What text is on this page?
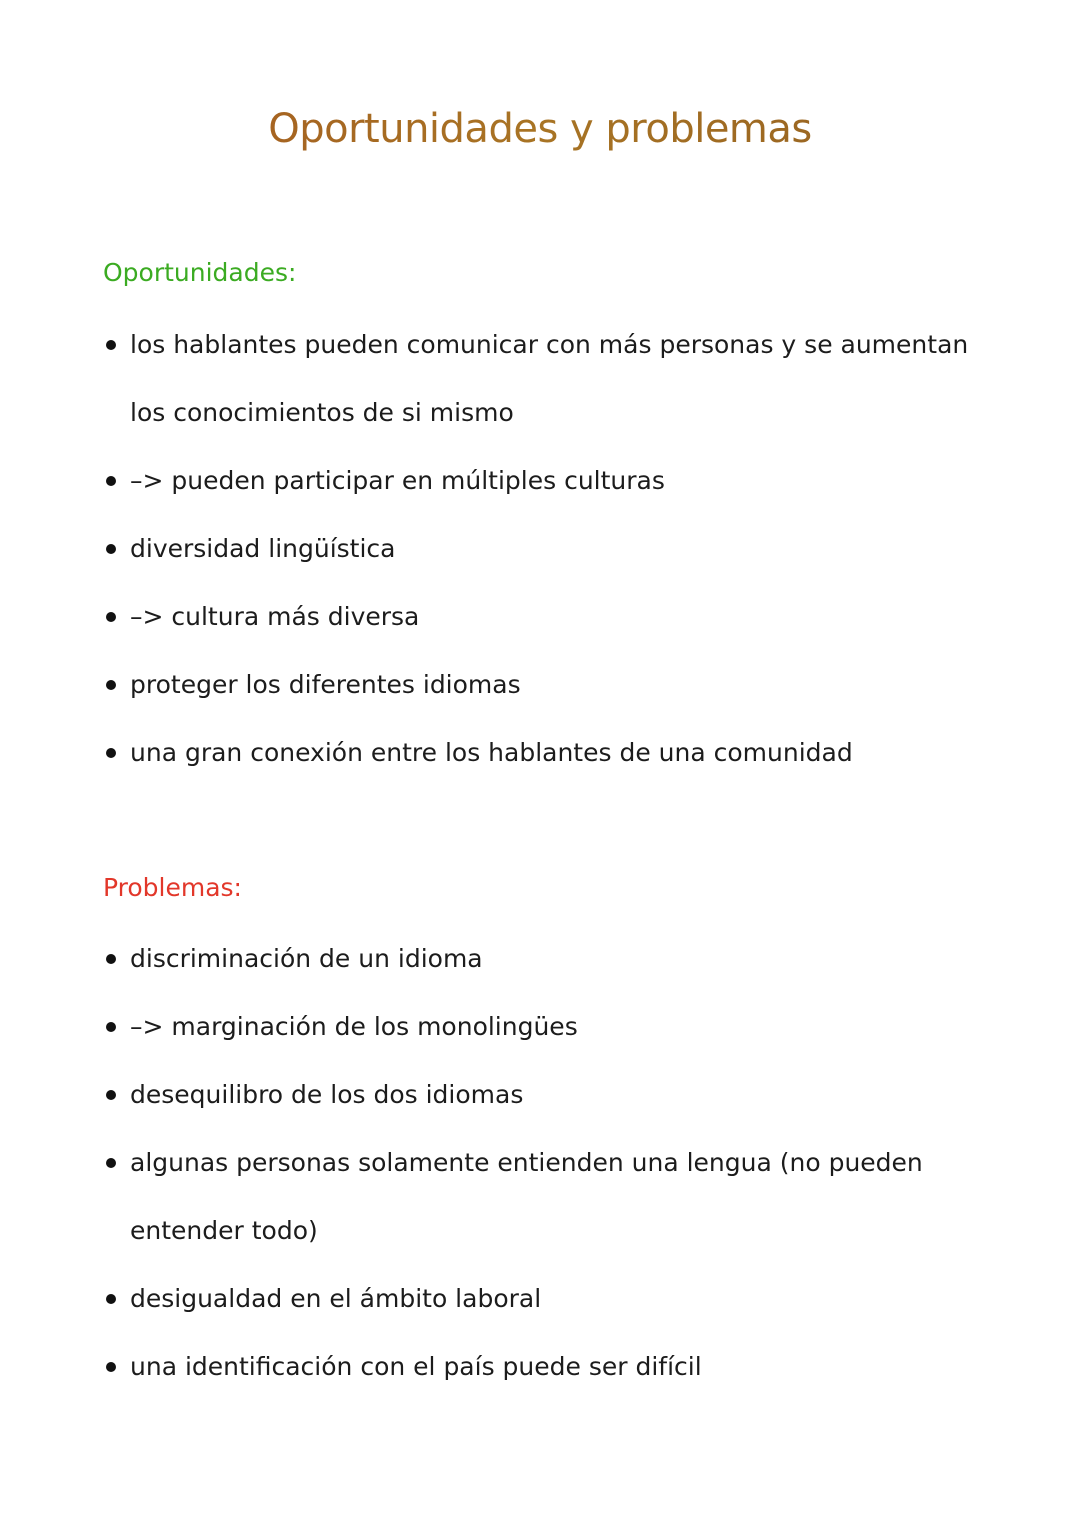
Oportunidades y problemas
Oportunidades:
los hablantes pueden comunicar con más personas y se aumentan los conocimientos de si mismo
–> pueden participar en múltiples culturas
diversidad lingüística
–> cultura más diversa
proteger los diferentes idiomas
una gran conexión entre los hablantes de una comunidad
Problemas:
discriminación de un idioma
–> marginación de los monolingües
desequilibro de los dos idiomas
algunas personas solamente entienden una lengua (no pueden entender todo)
desigualdad en el ámbito laboral
una identificación con el país puede ser difícil
